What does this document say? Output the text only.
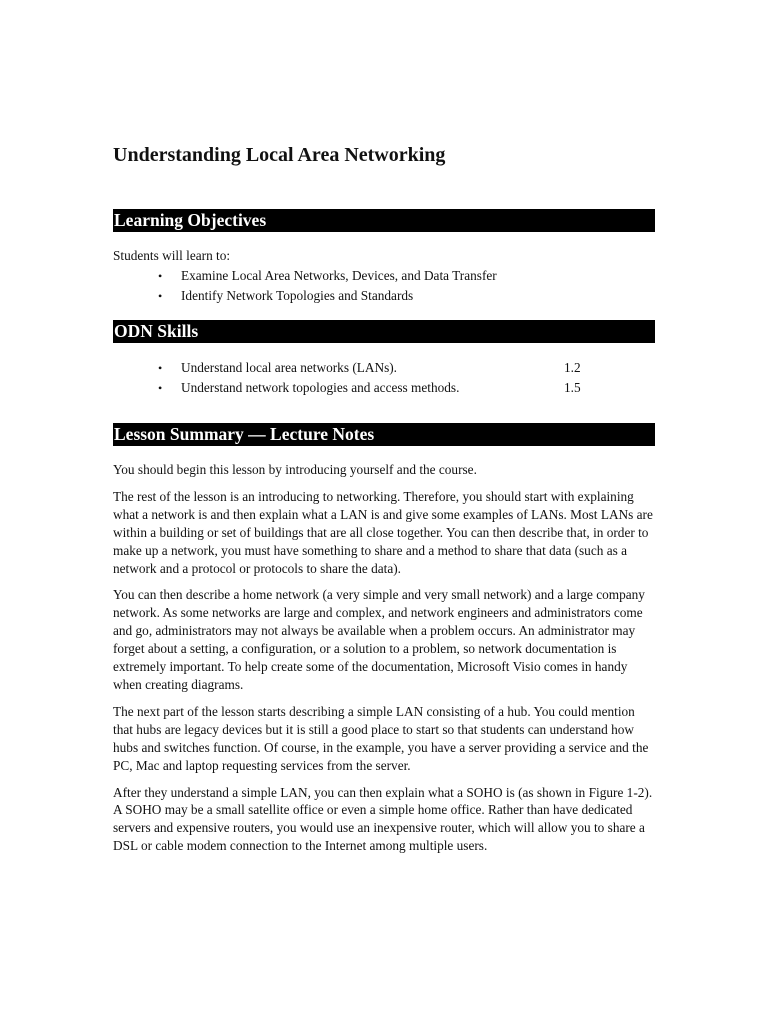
Understanding Local Area Networking
Learning Objectives
Students will learn to:
• Examine Local Area Networks, Devices, and Data Transfer
• Identify Network Topologies and Standards
ODN Skills
• Understand local area networks (LANs).	1.2
• Understand network topologies and access methods.	1.5
Lesson Summary — Lecture Notes

You should begin this lesson by introducing yourself and the course.

The rest of the lesson is an introducing to networking. Therefore, you should start with explaining what a network is and then explain what a LAN is and give some examples of LANs. Most LANs are within a building or set of buildings that are all close together. You can then describe that, in order to make up a network, you must have something to share and a method to share that data (such as a network and a protocol or protocols to share the data).

You can then describe a home network (a very simple and very small network) and a large company network. As some networks are large and complex, and network engineers and administrators come and go, administrators may not always be available when a problem occurs. An administrator may forget about a setting, a configuration, or a solution to a problem, so network documentation is extremely important. To help create some of the documentation, Microsoft Visio comes in handy when creating diagrams.

The next part of the lesson starts describing a simple LAN consisting of a hub. You could mention that hubs are legacy devices but it is still a good place to start so that students can understand how hubs and switches function. Of course, in the example, you have a server providing a service and the PC, Mac and laptop requesting services from the server.

After they understand a simple LAN, you can then explain what a SOHO is (as shown in Figure 1-2). A SOHO may be a small satellite office or even a simple home office. Rather than have dedicated servers and expensive routers, you would use an inexpensive router, which will allow you to share a DSL or cable modem connection to the Internet among multiple users.
